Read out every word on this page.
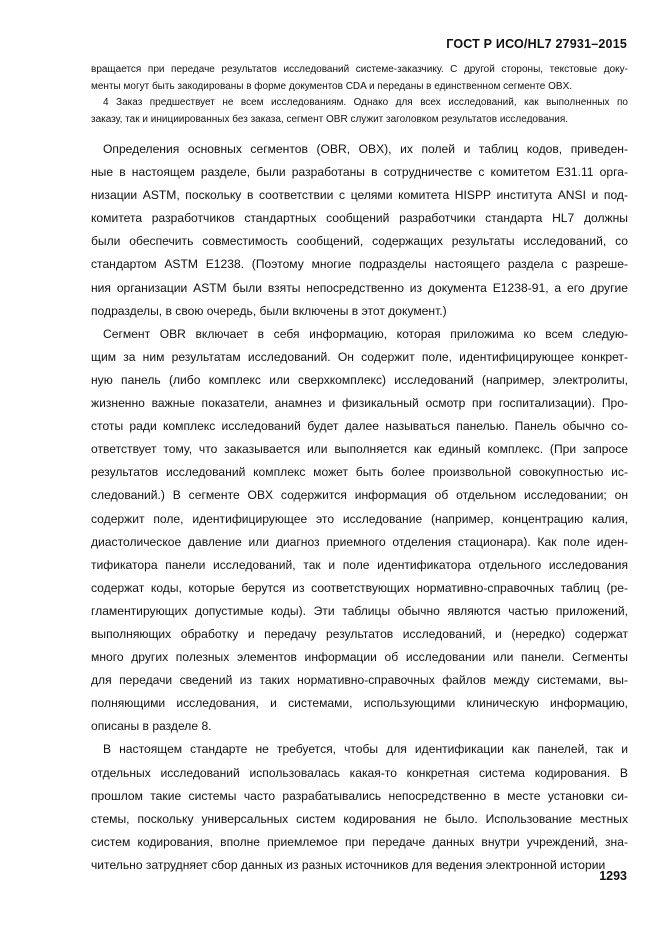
ГОСТ Р ИСО/HL7 27931–2015

вращается при передаче результатов исследований системе-заказчику. С другой стороны, текстовые доку-

менты могут быть закодированы в форме документов CDA и переданы в единственном сегменте OBX.

4 Заказ предшествует не всем исследованиям. Однако для всех исследований, как выполненных по

заказу, так и инициированных без заказа, сегмент OBR служит заголовком результатов исследования.

Определения основных сегментов (OBR, OBX), их полей и таблиц кодов, приведен-
ные в настоящем разделе, были разработаны в сотрудничестве с комитетом E31.11 орга-
низации ASTM, поскольку в соответствии с целями комитета HISPP института ANSI и под-
комитета разработчиков стандартных сообщений разработчики стандарта HL7 должны
были обеспечить совместимость сообщений, содержащих результаты исследований, со
стандартом ASTM E1238. (Поэтому многие подразделы настоящего раздела с разреше-
ния организации ASTM были взяты непосредственно из документа E1238-91, а его другие
подразделы, в свою очередь, были включены в этот документ.)

Сегмент OBR включает в себя информацию, которая приложима ко всем следую-
щим за ним результатам исследований. Он содержит поле, идентифицирующее конкрет-
ную панель (либо комплекс или сверхкомплекс) исследований (например, электролиты,
жизненно важные показатели, анамнез и физикальный осмотр при госпитализации). Про-
стоты ради комплекс исследований будет далее называться панелью. Панель обычно со-
ответствует тому, что заказывается или выполняется как единый комплекс. (При запросе
результатов исследований комплекс может быть более произвольной совокупностью ис-
следований.) В сегменте OBX содержится информация об отдельном исследовании; он
содержит поле, идентифицирующее это исследование (например, концентрацию калия,
диастолическое давление или диагноз приемного отделения стационара). Как поле иден-
тификатора панели исследований, так и поле идентификатора отдельного исследования
содержат коды, которые берутся из соответствующих нормативно-справочных таблиц (ре-
гламентирующих допустимые коды). Эти таблицы обычно являются частью приложений,
выполняющих обработку и передачу результатов исследований, и (нередко) содержат
много других полезных элементов информации об исследовании или панели. Сегменты
для передачи сведений из таких нормативно-справочных файлов между системами, вы-
полняющими исследования, и системами, использующими клиническую информацию,
описаны в разделе 8.

В настоящем стандарте не требуется, чтобы для идентификации как панелей, так и
отдельных исследований использовалась какая-то конкретная система кодирования. В
прошлом такие системы часто разрабатывались непосредственно в месте установки си-
стемы, поскольку универсальных систем кодирования не было. Использование местных
систем кодирования, вполне приемлемое при передаче данных внутри учреждений, зна-
чительно затрудняет сбор данных из разных источников для ведения электронной истории

1293
